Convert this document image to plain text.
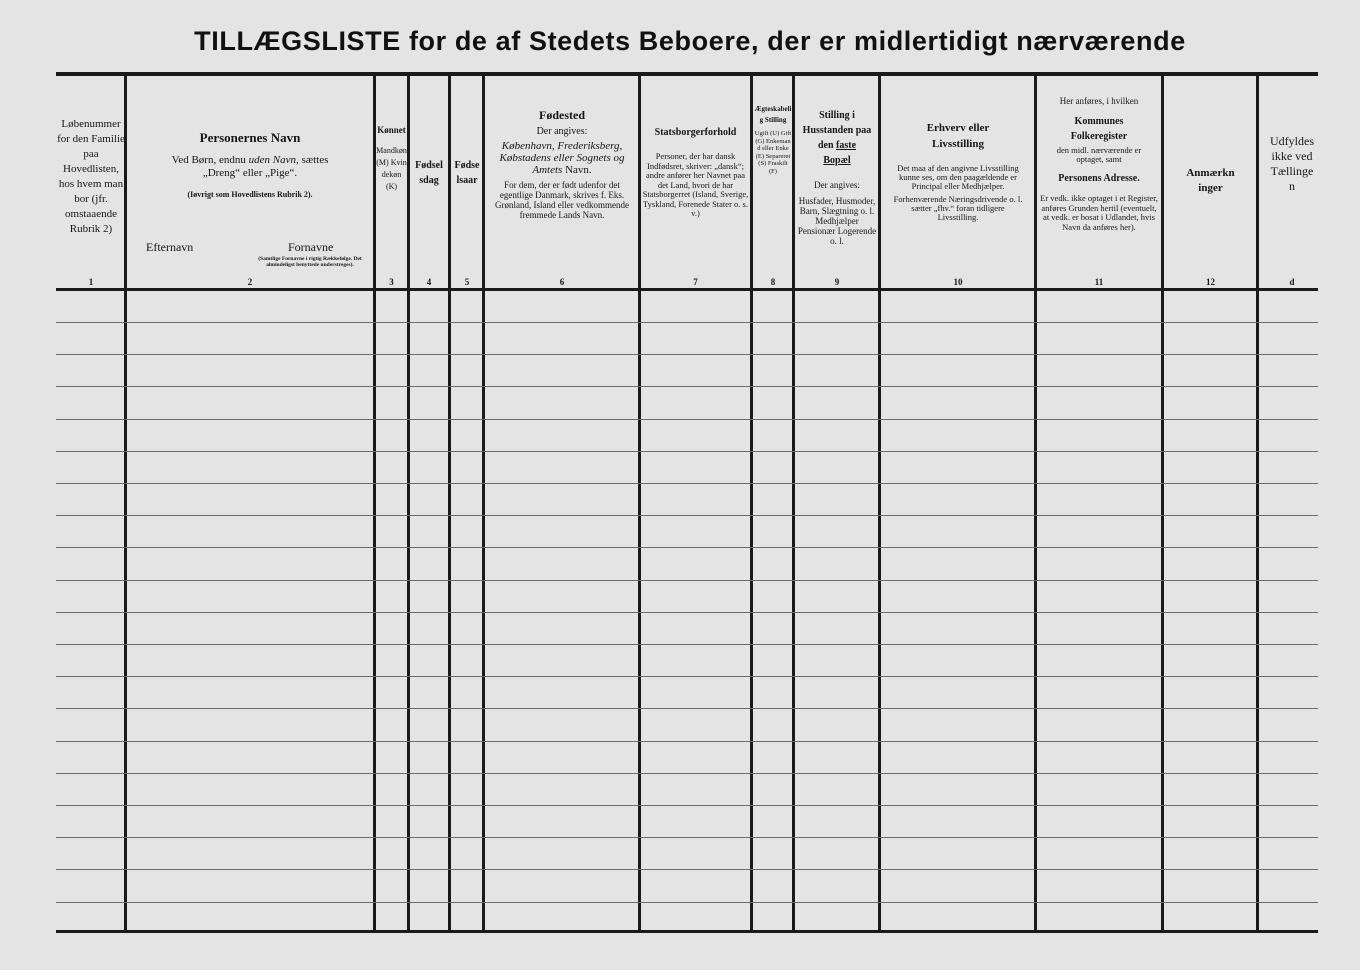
TILLÆGSLISTE for de af Stedets Beboere, der er midlertidigt nærværende
Løbenummer for den Familie paa Hovedlisten, hos hvem man bor (jfr. omstaaende Rubrik 2)
1
Personernes Navn
Ved Børn, endnu uden Navn, sættes
„Dreng“ eller „Pige“.
(Iøvrigt som Hovedlistens Rubrik 2).
Efternavn	Fornavne
(Samtlige Fornavne i rigtig Rækkefølge. Det almindeligst benyttede understreges).
2
Kønnet
Mandkøn (M) Kvindekøn (K)
3
Fødselsdag
4
Fødselsaar
5
Fødested
Der angives:
København, Frederiksberg, Købstadens eller Sognets og Amtets Navn.
For dem, der er født udenfor det egentlige Danmark, skrives f. Eks. Grønland, Island eller vedkommende fremmede Lands Navn.
6
Statsborgerforhold
Personer, der har dansk Indfødsret, skriver: „dansk“; andre anfører her Navnet paa det Land, hvori de har Statsborgerret (Island, Sverige, Tyskland, Forenede Stater o. s. v.)
7
Ægteskabelig Stilling
Ugift (U) Gift (G) Enkemand eller Enke (E) Separeret (S) Fraskilt (F)
8
Stilling i Husstanden paa
den faste
Bopæl
Der angives:
Husfader, Husmoder, Barn, Slægtning o. l. Medhjælper Pensionær Logerende o. l.
9
Erhverv eller Livsstilling
Det maa af den angivne Livsstilling kunne ses, om den paagældende er Principal eller Medhjælper.
Forhenværende Næringsdrivende o. l. sætter „fhv.“ foran tidligere Livsstilling.
10
Her anføres, i hvilken
Kommunes Folkeregister
den midl. nærværende er optaget, samt
Personens Adresse.
Er vedk. ikke optaget i et Register, anføres Grunden hertil (eventuelt, at vedk. er bosat i Udlandet, hvis Navn da anføres her).
11
Anmærkninger
12
Udfyldes ikke ved Tællingen
d
